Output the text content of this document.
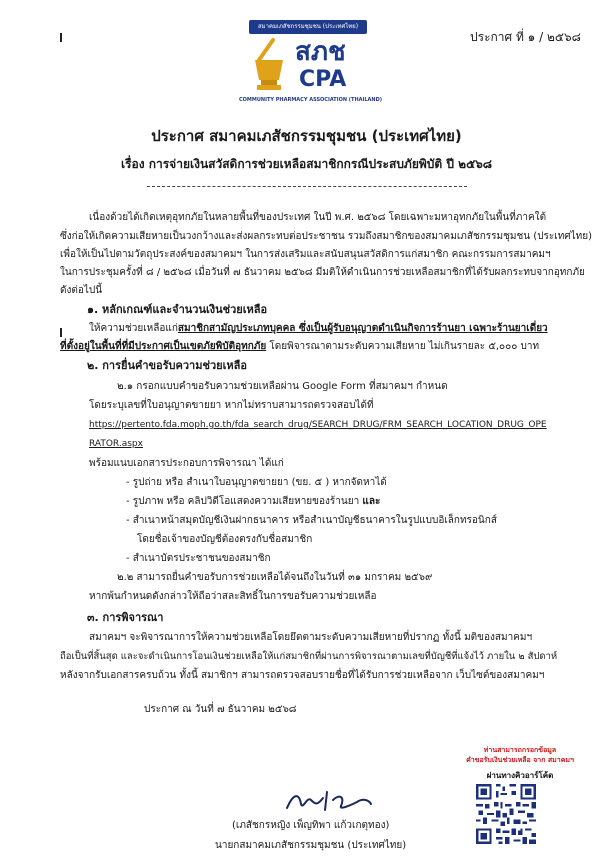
สมาคมเภสัชกรรมชุมชน (ประเทศไทย)
สภช
CPA
COMMUNITY PHARMACY ASSOCIATION (THAILAND)
ประกาศ ที่ ๑ / ๒๕๖๘
ประกาศ สมาคมเภสัชกรรมชุมชน (ประเทศไทย)
เรื่อง การจ่ายเงินสวัสดิการช่วยเหลือสมาชิกกรณีประสบภัยพิบัติ ปี ๒๕๖๘
เนื่องด้วยได้เกิดเหตุอุทกภัยในหลายพื้นที่ของประเทศ ในปี พ.ศ. ๒๕๖๘ โดยเฉพาะมหาอุทกภัยในพื้นที่ภาคใต้
ซึ่งก่อให้เกิดความเสียหายเป็นวงกว้างและส่งผลกระทบต่อประชาชน รวมถึงสมาชิกของสมาคมเภสัชกรรมชุมชน (ประเทศไทย)
เพื่อให้เป็นไปตามวัตถุประสงค์ของสมาคมฯ ในการส่งเสริมและสนับสนุนสวัสดิการแก่สมาชิก คณะกรรมการสมาคมฯ
ในการประชุมครั้งที่ ๘ / ๒๕๖๘ เมื่อวันที่ ๗ ธันวาคม ๒๕๖๘ มีมติให้ดำเนินการช่วยเหลือสมาชิกที่ได้รับผลกระทบจากอุทกภัย
ดังต่อไปนี้
๑. หลักเกณฑ์และจำนวนเงินช่วยเหลือ
ให้ความช่วยเหลือแก่สมาชิกสามัญประเภทบุคคล ซึ่งเป็นผู้รับอนุญาตดำเนินกิจการร้านยา เฉพาะร้านยาเดี่ยว
ที่ตั้งอยู่ในพื้นที่ที่มีประกาศเป็นเขตภัยพิบัติอุทกภัย โดยพิจารณาตามระดับความเสียหาย ไม่เกินรายละ ๕,๐๐๐ บาท
๒. การยื่นคำขอรับความช่วยเหลือ
๒.๑ กรอกแบบคำขอรับความช่วยเหลือผ่าน Google Form ที่สมาคมฯ กำหนด
โดยระบุเลขที่ใบอนุญาตขายยา หากไม่ทราบสามารถตรวจสอบได้ที่
https://pertento.fda.moph.go.th/fda_search_drug/SEARCH_DRUG/FRM_SEARCH_LOCATION_DRUG_OPE
RATOR.aspx
พร้อมแนบเอกสารประกอบการพิจารณา ได้แก่
- รูปถ่าย หรือ สำเนาใบอนุญาตขายยา (ขย. ๕ ) หากจัดหาได้
- รูปภาพ หรือ คลิปวิดีโอแสดงความเสียหายของร้านยา และ
- สำเนาหน้าสมุดบัญชีเงินฝากธนาคาร หรือสำเนาบัญชีธนาคารในรูปแบบอิเล็กทรอนิกส์
โดยชื่อเจ้าของบัญชีต้องตรงกับชื่อสมาชิก
- สำเนาบัตรประชาชนของสมาชิก
๒.๒ สามารถยื่นคำขอรับการช่วยเหลือได้จนถึงในวันที่ ๓๑ มกราคม ๒๕๖๙
หากพ้นกำหนดดังกล่าวให้ถือว่าสละสิทธิ์ในการขอรับความช่วยเหลือ
๓. การพิจารณา
สมาคมฯ จะพิจารณาการให้ความช่วยเหลือโดยยึดตามระดับความเสียหายที่ปรากฏ ทั้งนี้ มติของสมาคมฯ
ถือเป็นที่สิ้นสุด และจะดำเนินการโอนเงินช่วยเหลือให้แก่สมาชิกที่ผ่านการพิจารณาตามเลขที่บัญชีที่แจ้งไว้ ภายใน ๒ สัปดาห์
หลังจากรับเอกสารครบถ้วน ทั้งนี้ สมาชิกฯ สามารถตรวจสอบรายชื่อที่ได้รับการช่วยเหลือจาก เว็บไซต์ของสมาคมฯ
ประกาศ ณ วันที่ ๗ ธันวาคม ๒๕๖๘
(เภสัชกรหญิง เพ็ญทิพา แก้วเกตุทอง)
นายกสมาคมเภสัชกรรมชุมชน (ประเทศไทย)
ท่านสามารถกรอกข้อมูล
คำขอรับเงินช่วยเหลือ จาก สมาคมฯ
ผ่านทางคิวอาร์โค้ด
